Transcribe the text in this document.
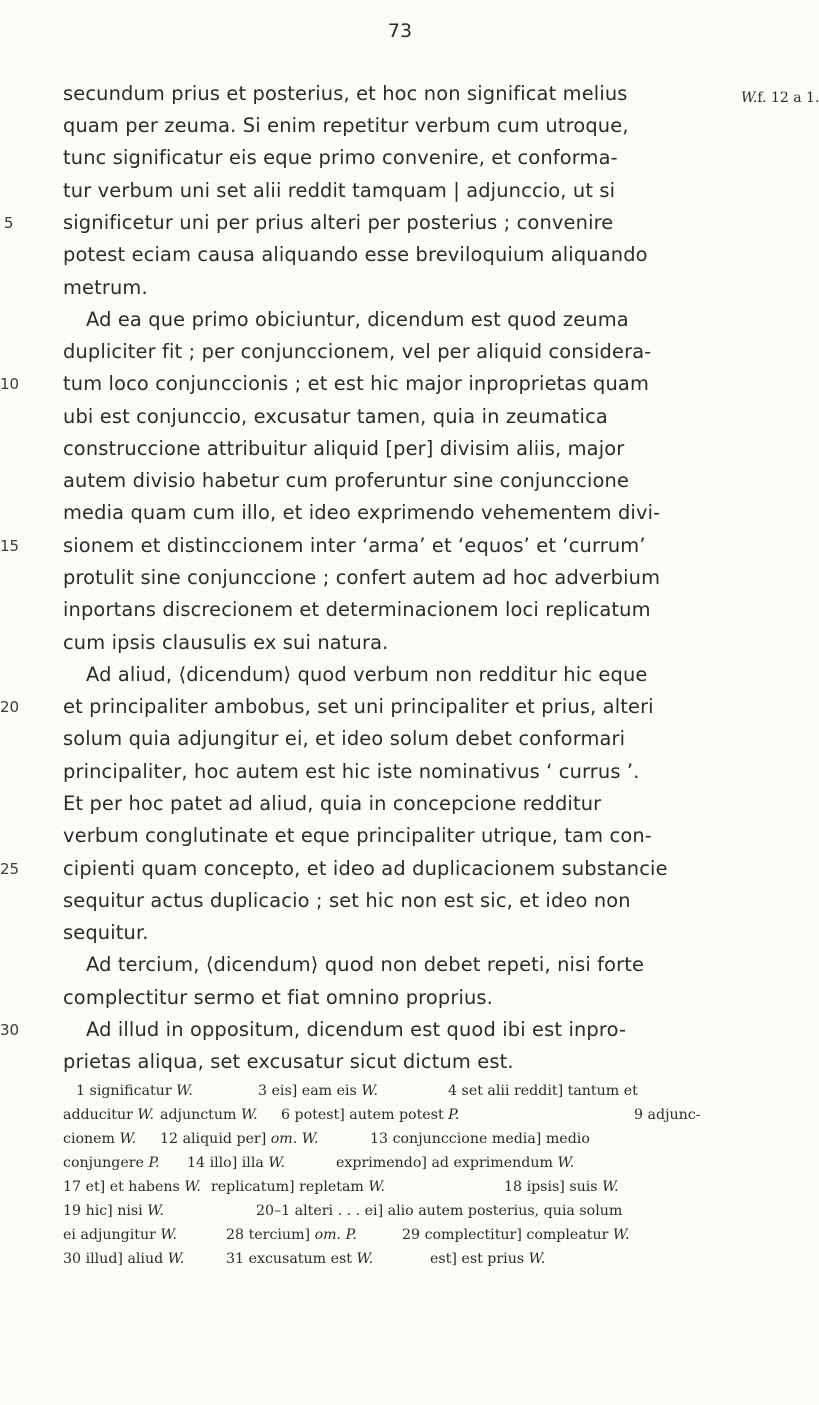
73
secundum prius et posterius, et hoc non significat melius
quam per zeuma. Si enim repetitur verbum cum utroque,
tunc significatur eis eque primo convenire, et conforma-
tur verbum uni set alii reddit tamquam | adjunccio, ut si
significetur uni per prius alteri per posterius ; convenire
potest eciam causa aliquando esse breviloquium aliquando
metrum.
Ad ea que primo obiciuntur, dicendum est quod zeuma
dupliciter fit ; per conjunccionem, vel per aliquid considera-
tum loco conjunccionis ; et est hic major inproprietas quam
ubi est conjunccio, excusatur tamen, quia in zeumatica
construccione attribuitur aliquid [per] divisim aliis, major
autem divisio habetur cum proferuntur sine conjunccione
media quam cum illo, et ideo exprimendo vehementem divi-
sionem et distinccionem inter ‘arma’ et ‘equos’ et ‘currum’
protulit sine conjunccione ; confert autem ad hoc adverbium
inportans discrecionem et determinacionem loci replicatum
cum ipsis clausulis ex sui natura.
Ad aliud, ⟨dicendum⟩ quod verbum non redditur hic eque
et principaliter ambobus, set uni principaliter et prius, alteri
solum quia adjungitur ei, et ideo solum debet conformari
principaliter, hoc autem est hic iste nominativus ‘ currus ’.
Et per hoc patet ad aliud, quia in concepcione redditur
verbum conglutinate et eque principaliter utrique, tam con-
cipienti quam concepto, et ideo ad duplicacionem substancie
sequitur actus duplicacio ; set hic non est sic, et ideo non
sequitur.
Ad tercium, ⟨dicendum⟩ quod non debet repeti, nisi forte
complectitur sermo et fiat omnino proprius.
Ad illud in oppositum, dicendum est quod ibi est inpro-
prietas aliqua, set excusatur sicut dictum est.
5
10
15
20
25
30
W.f. 12 a 1.
1 significatur W.	3 eis] eam eis W.	4 set alii reddit] tantum et
adducitur W. adjunctum W. 6 potest] autem potest P.	9 adjunc-
cionem W. 12 aliquid per] om. W.	13 conjunccione media] medio
conjungere P. 14 illo] illa W.	exprimendo] ad exprimendum W.
17 et] et habens W. replicatum] repletam W.	18 ipsis] suis W.
19 hic] nisi W.	20–1 alteri . . . ei] alio autem posterius, quia solum
ei adjungitur W.	28 tercium] om. P.	29 complectitur] compleatur W.
30 illud] aliud W.	31 excusatum est W.	est] est prius W.
